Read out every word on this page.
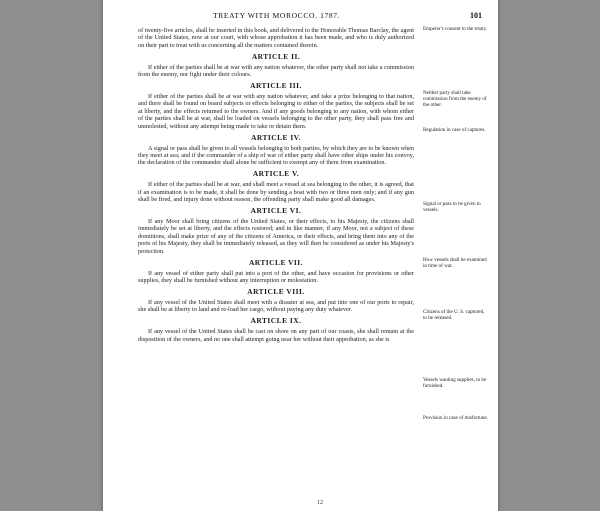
TREATY WITH MOROCCO. 1787.	101

of twenty-five articles, shall be inserted in this book, and delivered to the Honorable Thomas Barclay, the agent of the United States, now at our court, with whose approbation it has been made, and who is duly authorized on their part to treat with us concerning all the matters contained therein.

ARTICLE II.

If either of the parties shall be at war with any nation whatever, the other party shall not take a commission from the enemy, nor fight under their colours.

ARTICLE III.

If either of the parties shall be at war with any nation whatever, and take a prize belonging to that nation, and there shall be found on board subjects or effects belonging to either of the parties, the subjects shall be set at liberty, and the effects returned to the owners. And if any goods belonging to any nation, with whom either of the parties shall be at war, shall be loaded on vessels belonging to the other party, they shall pass free and unmolested, without any attempt being made to take or detain them.

ARTICLE IV.

A signal or pass shall be given to all vessels belonging to both parties, by which they are to be known when they meet at sea; and if the commander of a ship of war of either party shall have other ships under his convoy, the declaration of the commander shall alone be sufficient to exempt any of them from examination.

ARTICLE V.

If either of the parties shall be at war, and shall meet a vessel at sea belonging to the other, it is agreed, that if an examination is to be made, it shall be done by sending a boat with two or three men only; and if any gun shall be fired, and injury done without reason, the offending party shall make good all damages.

ARTICLE VI.

If any Moor shall bring citizens of the United States, or their effects, to his Majesty, the citizens shall immediately be set at liberty, and the effects restored; and in like manner, if any Moor, not a subject of these dominions, shall make prize of any of the citizens of America, or their effects, and bring them into any of the ports of his Majesty, they shall be immediately released, as they will then be considered as under his Majesty's protection.

ARTICLE VII.

If any vessel of either party shall put into a port of the other, and have occasion for provisions or other supplies, they shall be furnished without any interruption or molestation.

ARTICLE VIII.

If any vessel of the United States shall meet with a disaster at sea, and put into one of our ports to repair, she shall be at liberty to land and re-load her cargo, without paying any duty whatever.

ARTICLE IX.

If any vessel of the United States shall be cast on shore on any part of our coasts, she shall remain at the disposition of the owners, and no one shall attempt going near her without their approbation, as she is

Emperor's consent to the treaty.

Neither party shall take commission from the enemy of the other.

Regulation in case of captures.

Signal or pass to be given to vessels.

How vessels shall be examined in time of war.

Citizens of the U. S. captured, to be released.

Vessels wanting supplies, to be furnished.

Provision in case of misfortune.

12
